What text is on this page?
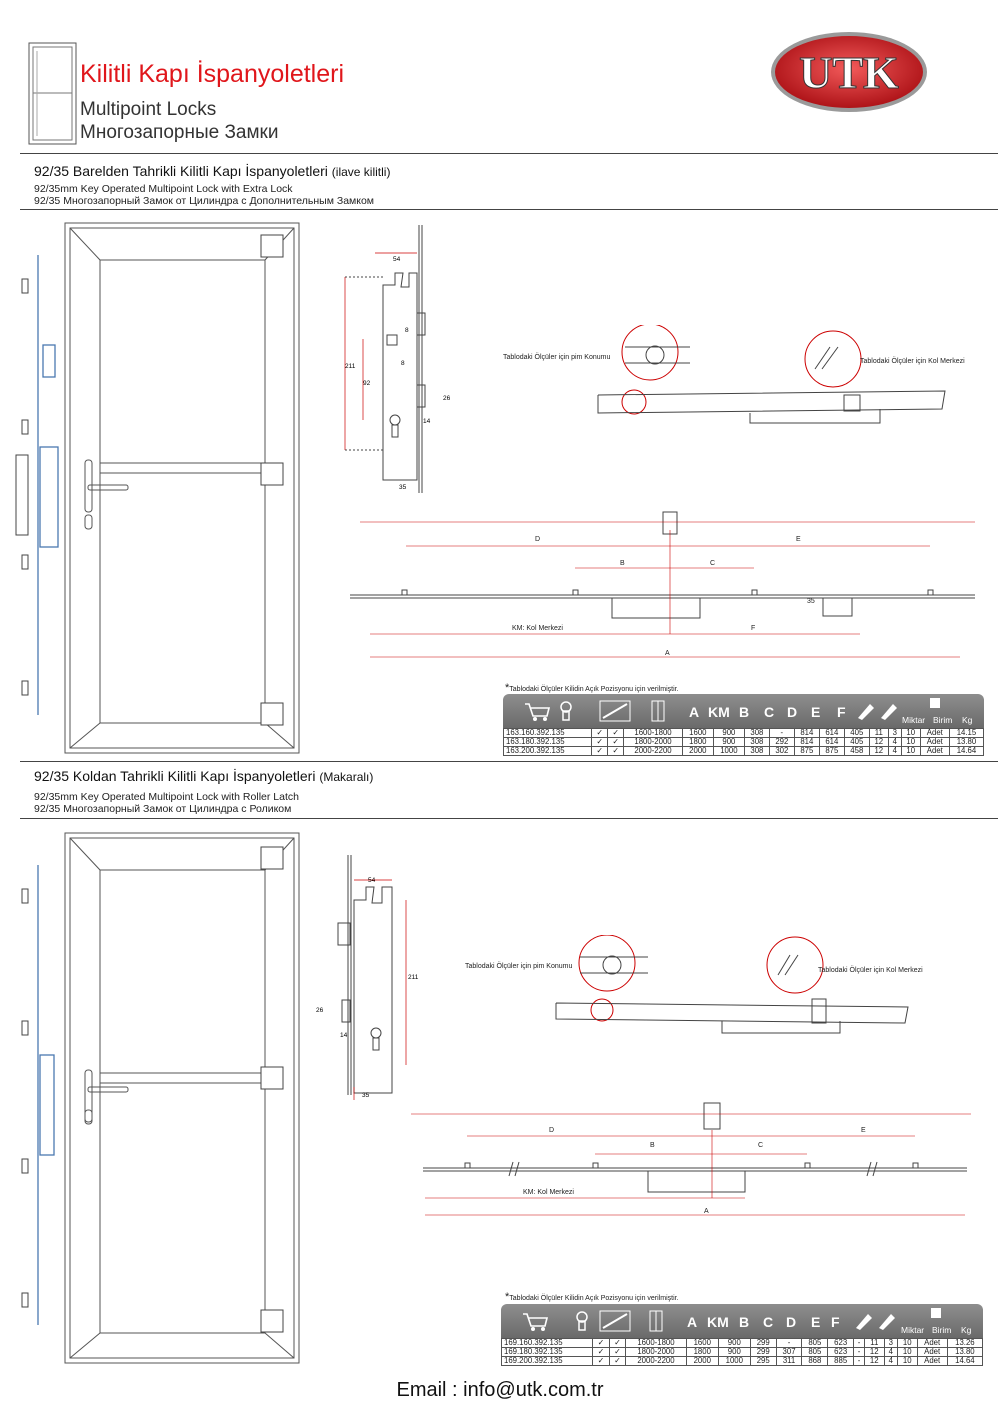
Kilitli Kapı İspanyoletleri
Multipoint Locks
Многозапорные Замки
UTK
92/35 Barelden Tahrikli Kilitli Kapı İspanyoletleri (ilave kilitli)
92/35mm Key Operated Multipoint Lock with Extra Lock
92/35 Многозапорный Замок от Цилиндра с Дополнительным Замком
54
8
8
211
92
26
14
35
Tablodaki Ölçüler için pim Konumu
Tablodaki Ölçüler için Kol Merkezi
D	E
B	C
KM: Kol Merkezi	F
35
A
*Tablodaki Ölçüler Kilidin Açık Pozisyonu için verilmiştir.
A KM B C D E F	Miktar Birim Kg
163.160.392.135	✓	✓	1600-1800	1600	900	308	-	814	614	405	11	3	10	Adet	14.15
163.180.392.135	✓	✓	1800-2000	1800	900	308	292	814	614	405	12	4	10	Adet	13.80
163.200.392.135	✓	✓	2000-2200	2000	1000	308	302	875	875	458	12	4	10	Adet	14.64
92/35 Koldan Tahrikli Kilitli Kapı İspanyoletleri (Makaralı)
92/35mm Key Operated Multipoint Lock with Roller Latch
92/35 Многозапорный Замок от Цилиндра с Роликом
54
211
26
14
35
Tablodaki Ölçüler için pim Konumu
Tablodaki Ölçüler için Kol Merkezi
D	E
B	C
KM: Kol Merkezi
A
*Tablodaki Ölçüler Kilidin Açık Pozisyonu için verilmiştir.
A KM B C D E F	Miktar Birim Kg
169.160.392.135	✓	✓	1600-1800	1600	900	299	-	805	623	-	11	3	10	Adet	13.26
169.180.392.135	✓	✓	1800-2000	1800	900	299	307	805	623	-	12	4	10	Adet	13.80
169.200.392.135	✓	✓	2000-2200	2000	1000	295	311	868	885	-	12	4	10	Adet	14.64
Email : info@utk.com.tr
